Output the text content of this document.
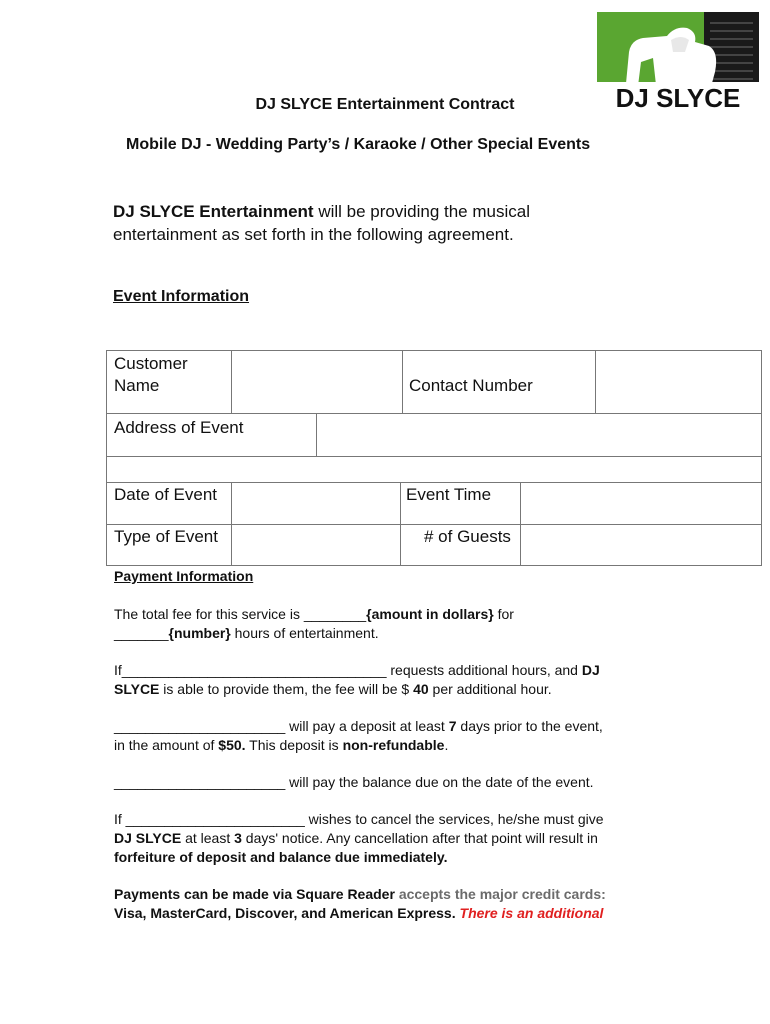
DJ SLYCE
DJ SLYCE Entertainment Contract
Mobile DJ - Wedding Party’s / Karaoke / Other Special Events
DJ SLYCE Entertainment will be providing the musical
entertainment as set forth in the following agreement.
Event Information
Customer
Name	Contact Number
Address of Event
Date of Event	Event Time
Type of Event	# of Guests
Payment Information
The total fee for this service is ________{amount in dollars} for
_______{number} hours of entertainment.
If__________________________________ requests additional hours, and DJ
SLYCE is able to provide them, the fee will be $ 40 per additional hour.
______________________ will pay a deposit at least 7 days prior to the event,
in the amount of $50. This deposit is non-refundable.
______________________ will pay the balance due on the date of the event.
If _______________________ wishes to cancel the services, he/she must give
DJ SLYCE at least 3 days' notice. Any cancellation after that point will result in
forfeiture of deposit and balance due immediately.
Payments can be made via Square Reader accepts the major credit cards:
Visa, MasterCard, Discover, and American Express. There is an additional
